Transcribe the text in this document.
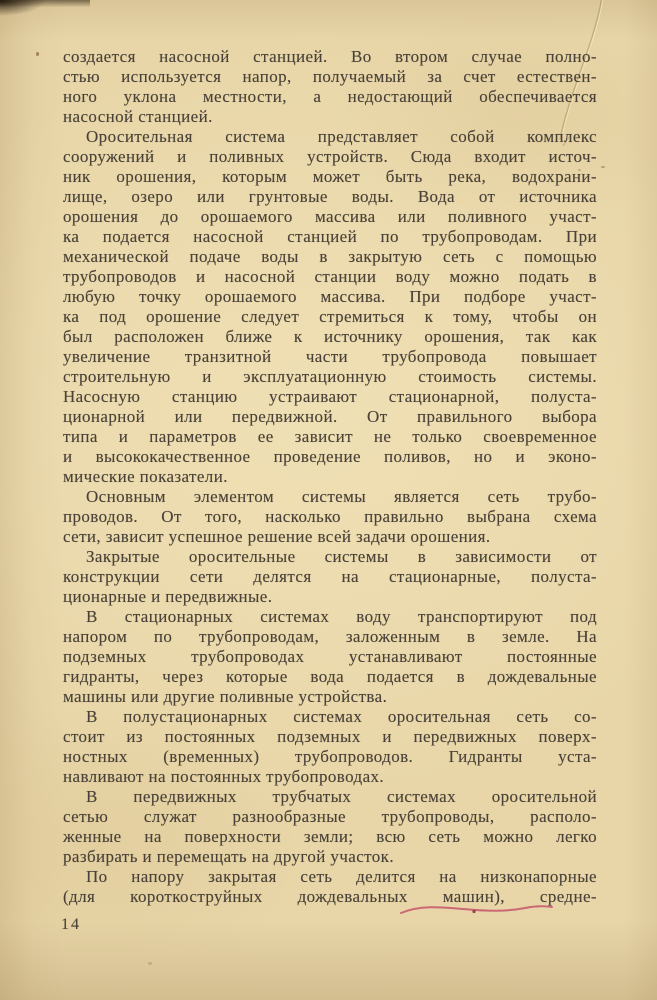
создается насосной станцией. Во втором случае полно-
стью используется напор, получаемый за счет естествен-
ного уклона местности, а недостающий обеспечивается
насосной станцией.
Оросительная система представляет собой комплекс
сооружений и поливных устройств. Сюда входит источ-
ник орошения, которым может быть река, водохрани-
лище, озеро или грунтовые воды. Вода от источника
орошения до орошаемого массива или поливного участ-
ка подается насосной станцией по трубопроводам. При
механической подаче воды в закрытую сеть с помощью
трубопроводов и насосной станции воду можно подать в
любую точку орошаемого массива. При подборе участ-
ка под орошение следует стремиться к тому, чтобы он
был расположен ближе к источнику орошения, так как
увеличение транзитной части трубопровода повышает
строительную и эксплуатационную стоимость системы.
Насосную станцию устраивают стационарной, полуста-
ционарной или передвижной. От правильного выбора
типа и параметров ее зависит не только своевременное
и высококачественное проведение поливов, но и эконо-
мические показатели.
Основным элементом системы является сеть трубо-
проводов. От того, насколько правильно выбрана схема
сети, зависит успешное решение всей задачи орошения.
Закрытые оросительные системы в зависимости от
конструкции сети делятся на стационарные, полуста-
ционарные и передвижные.
В стационарных системах воду транспортируют под
напором по трубопроводам, заложенным в земле. На
подземных трубопроводах устанавливают постоянные
гидранты, через которые вода подается в дождевальные
машины или другие поливные устройства.
В полустационарных системах оросительная сеть со-
стоит из постоянных подземных и передвижных поверх-
ностных (временных) трубопроводов. Гидранты уста-
навливают на постоянных трубопроводах.
В передвижных трубчатых системах оросительной
сетью служат разнообразные трубопроводы, располо-
женные на поверхности земли; всю сеть можно легко
разбирать и перемещать на другой участок.
По напору закрытая сеть делится на низконапорные
(для короткоструйных дождевальных машин), средне-
14
